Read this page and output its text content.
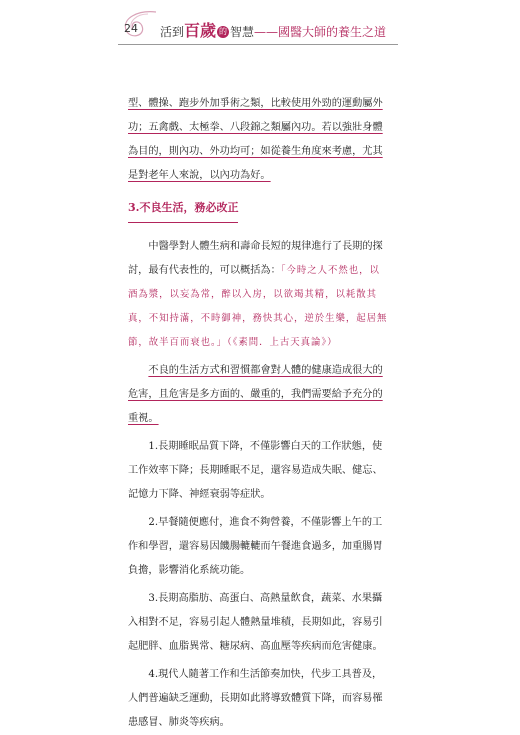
24 活到百歲 的 智慧——國醫大師的養生之道

型、體操、跑步外加爭術之類，比較使用外勁的運動屬外功；五禽戲、太極拳、八段錦之類屬內功。若以強壯身體為目的，則內功、外功均可；如從養生角度來考慮，尤其是對老年人來說，以內功為好。

3.不良生活，務必改正

中醫學對人體生病和壽命長短的規律進行了長期的探討，最有代表性的，可以概括為：「今時之人不然也，以酒為漿，以妄為常，醉以入房，以欲竭其精，以耗散其真，不知持滿，不時御神，務快其心，逆於生樂，起居無節，故半百而衰也。」（《素問．上古天真論》）

不良的生活方式和習慣都會對人體的健康造成很大的危害，且危害是多方面的、嚴重的，我們需要給予充分的重視。

1.長期睡眠品質下降，不僅影響白天的工作狀態，使工作效率下降；長期睡眠不足，還容易造成失眠、健忘、記憶力下降、神經衰弱等症狀。

2.早餐隨便應付，進食不夠營養，不僅影響上午的工作和學習，還容易因饑腸轆轆而午餐進食過多，加重腸胃負擔，影響消化系統功能。

3.長期高脂肪、高蛋白、高熱量飲食，蔬菜、水果攝入相對不足，容易引起人體熱量堆積，長期如此，容易引起肥胖、血脂異常、糖尿病、高血壓等疾病而危害健康。

4.現代人隨著工作和生活節奏加快，代步工具普及，人們普遍缺乏運動，長期如此將導致體質下降，而容易罹患感冒、肺炎等疾病。
